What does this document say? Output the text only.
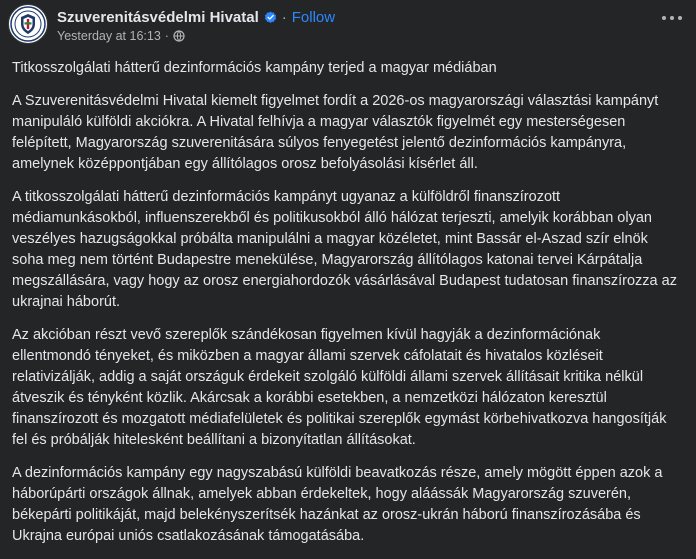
Szuverenitásvédelmi Hivatal · Follow
Yesterday at 16:13 ·

Titkosszolgálati hátterű dezinformációs kampány terjed a magyar médiában

A Szuverenitásvédelmi Hivatal kiemelt figyelmet fordít a 2026-os magyarországi választási kampányt manipuláló külföldi akciókra. A Hivatal felhívja a magyar választók figyelmét egy mesterségesen felépített, Magyarország szuverenitására súlyos fenyegetést jelentő dezinformációs kampányra, amelynek középpontjában egy állítólagos orosz befolyásolási kísérlet áll.

A titkosszolgálati hátterű dezinformációs kampányt ugyanaz a külföldről finanszírozott médiamunkásokból, influenszerekből és politikusokból álló hálózat terjeszti, amelyik korábban olyan veszélyes hazugságokkal próbálta manipulálni a magyar közéletet, mint Bassár el-Aszad szír elnök soha meg nem történt Budapestre menekülése, Magyarország állítólagos katonai tervei Kárpátalja megszállására, vagy hogy az orosz energiahordozók vásárlásával Budapest tudatosan finanszírozza az ukrajnai háborút.

Az akcióban részt vevő szereplők szándékosan figyelmen kívül hagyják a dezinformációnak ellentmondó tényeket, és miközben a magyar állami szervek cáfolatait és hivatalos közléseit relativizálják, addig a saját országuk érdekeit szolgáló külföldi állami szervek állításait kritika nélkül átveszik és tényként közlik. Akárcsak a korábbi esetekben, a nemzetközi hálózaton keresztül finanszírozott és mozgatott médiafelületek és politikai szereplők egymást körbehivatkozva hangosítják fel és próbálják hitelesként beállítani a bizonyítatlan állításokat.

A dezinformációs kampány egy nagyszabású külföldi beavatkozás része, amely mögött éppen azok a háborúpárti országok állnak, amelyek abban érdekeltek, hogy aláássák Magyarország szuverén, békepárti politikáját, majd belekényszerítsék hazánkat az orosz-ukrán háború finanszírozásába és Ukrajna európai uniós csatlakozásának támogatásába.
